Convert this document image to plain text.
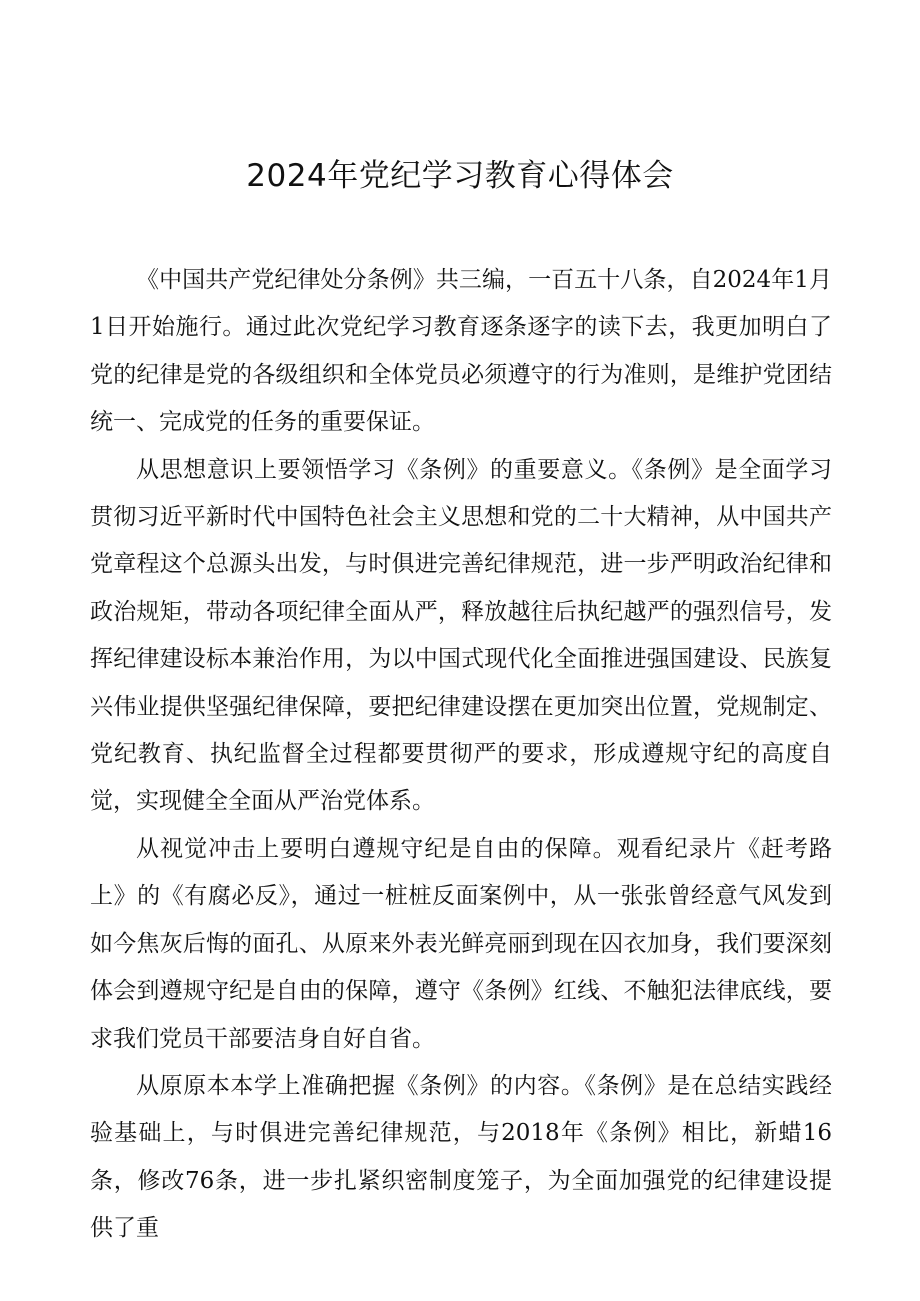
2024年党纪学习教育心得体会

《中国共产党纪律处分条例》共三编，一百五十八条，自2024年1月1日开始施行。通过此次党纪学习教育逐条逐字的读下去，我更加明白了党的纪律是党的各级组织和全体党员必须遵守的行为准则，是维护党团结统一、完成党的任务的重要保证。

从思想意识上要领悟学习《条例》的重要意义。《条例》是全面学习贯彻习近平新时代中国特色社会主义思想和党的二十大精神，从中国共产党章程这个总源头出发，与时俱进完善纪律规范，进一步严明政治纪律和政治规矩，带动各项纪律全面从严，释放越往后执纪越严的强烈信号，发挥纪律建设标本兼治作用，为以中国式现代化全面推进强国建设、民族复兴伟业提供坚强纪律保障，要把纪律建设摆在更加突出位置，党规制定、党纪教育、执纪监督全过程都要贯彻严的要求，形成遵规守纪的高度自觉，实现健全全面从严治党体系。

从视觉冲击上要明白遵规守纪是自由的保障。观看纪录片《赶考路上》的《有腐必反》，通过一桩桩反面案例中，从一张张曾经意气风发到如今焦灰后悔的面孔、从原来外表光鲜亮丽到现在囚衣加身，我们要深刻体会到遵规守纪是自由的保障，遵守《条例》红线、不触犯法律底线，要求我们党员干部要洁身自好自省。

从原原本本学上准确把握《条例》的内容。《条例》是在总结实践经验基础上，与时俱进完善纪律规范，与2018年《条例》相比，新蜡16条，修改76条，进一步扎紧织密制度笼子，为全面加强党的纪律建设提供了重
